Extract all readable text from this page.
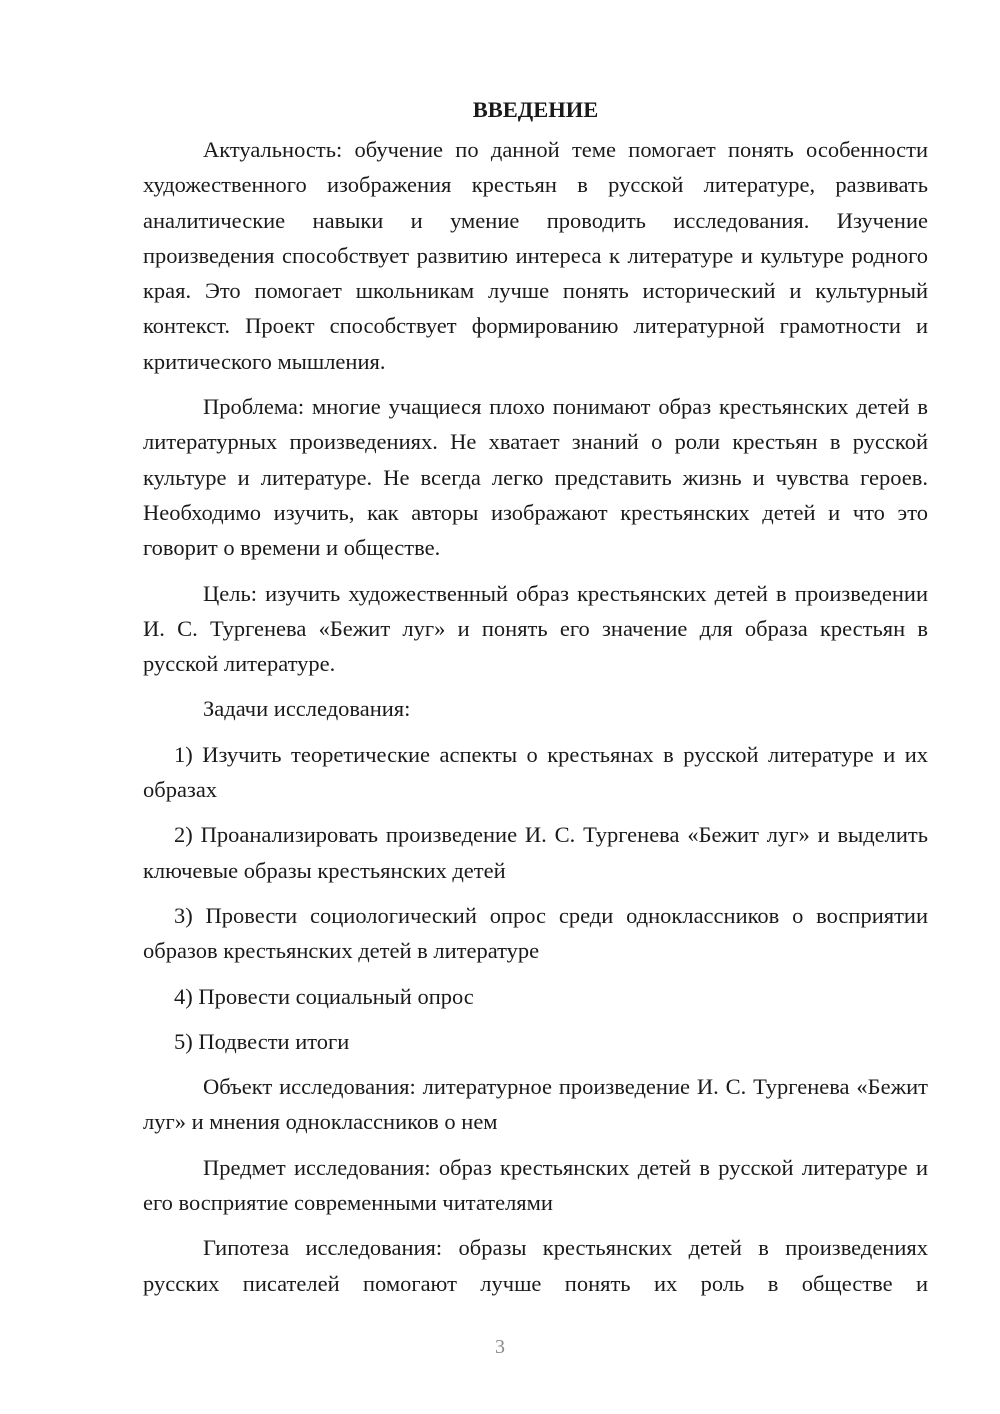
ВВЕДЕНИЕ

Актуальность: обучение по данной теме помогает понять особенности художественного изображения крестьян в русской литературе, развивать аналитические навыки и умение проводить исследования. Изучение произведения способствует развитию интереса к литературе и культуре родного края. Это помогает школьникам лучше понять исторический и культурный контекст. Проект способствует формированию литературной грамотности и критического мышления.

Проблема: многие учащиеся плохо понимают образ крестьянских детей в литературных произведениях. Не хватает знаний о роли крестьян в русской культуре и литературе. Не всегда легко представить жизнь и чувства героев. Необходимо изучить, как авторы изображают крестьянских детей и что это говорит о времени и обществе.

Цель: изучить художественный образ крестьянских детей в произведении И. С. Тургенева «Бежит луг» и понять его значение для образа крестьян в русской литературе.

Задачи исследования:

1) Изучить теоретические аспекты о крестьянах в русской литературе и их образах

2) Проанализировать произведение И. С. Тургенева «Бежит луг» и выделить ключевые образы крестьянских детей

3) Провести социологический опрос среди одноклассников о восприятии образов крестьянских детей в литературе

4) Провести социальный опрос

5) Подвести итоги

Объект исследования: литературное произведение И. С. Тургенева «Бежит луг» и мнения одноклассников о нем

Предмет исследования: образ крестьянских детей в русской литературе и его восприятие современными читателями

Гипотеза исследования: образы крестьянских детей в произведениях русских писателей помогают лучше понять их роль в обществе и

3
